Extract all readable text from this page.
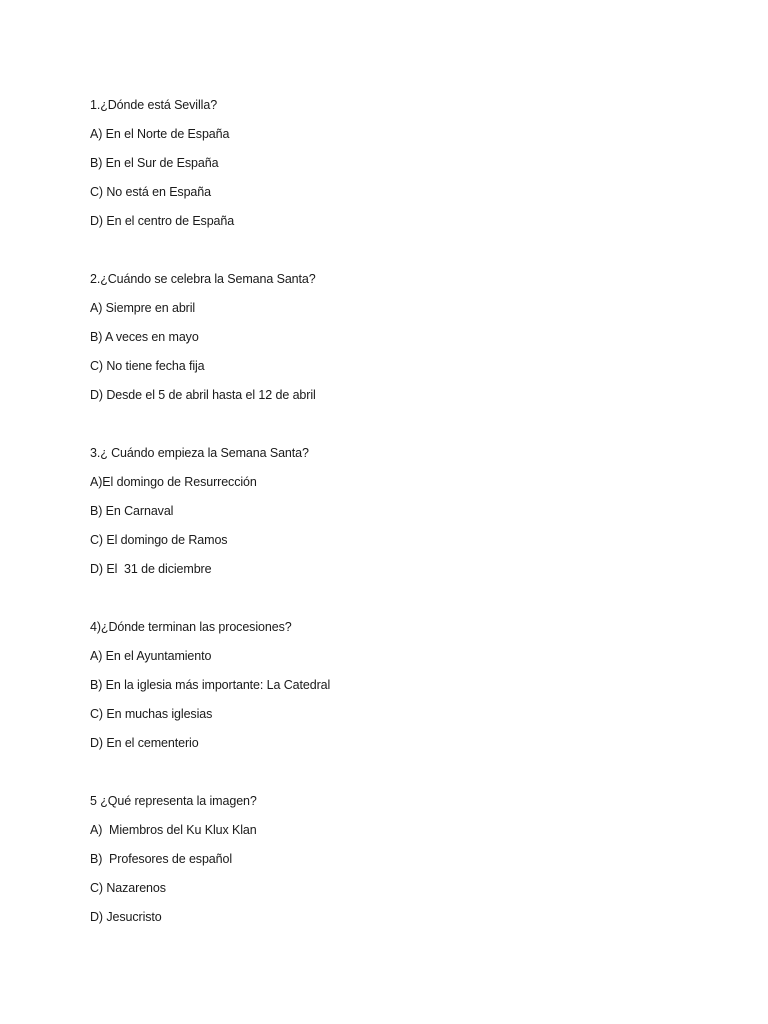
1.¿Dónde está Sevilla?
A) En el Norte de España
B) En el Sur de España
C) No está en España
D) En el centro de España
2.¿Cuándo se celebra la Semana Santa?
A) Siempre en abril
B) A veces en mayo
C) No tiene fecha fija
D) Desde el 5 de abril hasta el 12 de abril
3.¿ Cuándo empieza la Semana Santa?
A)El domingo de Resurrección
B) En Carnaval
C) El domingo de Ramos
D) El  31 de diciembre
4)¿Dónde terminan las procesiones?
A) En el Ayuntamiento
B) En la iglesia más importante: La Catedral
C) En muchas iglesias
D) En el cementerio
5 ¿Qué representa la imagen?
A)  Miembros del Ku Klux Klan
B)  Profesores de español
C) Nazarenos
D) Jesucristo
